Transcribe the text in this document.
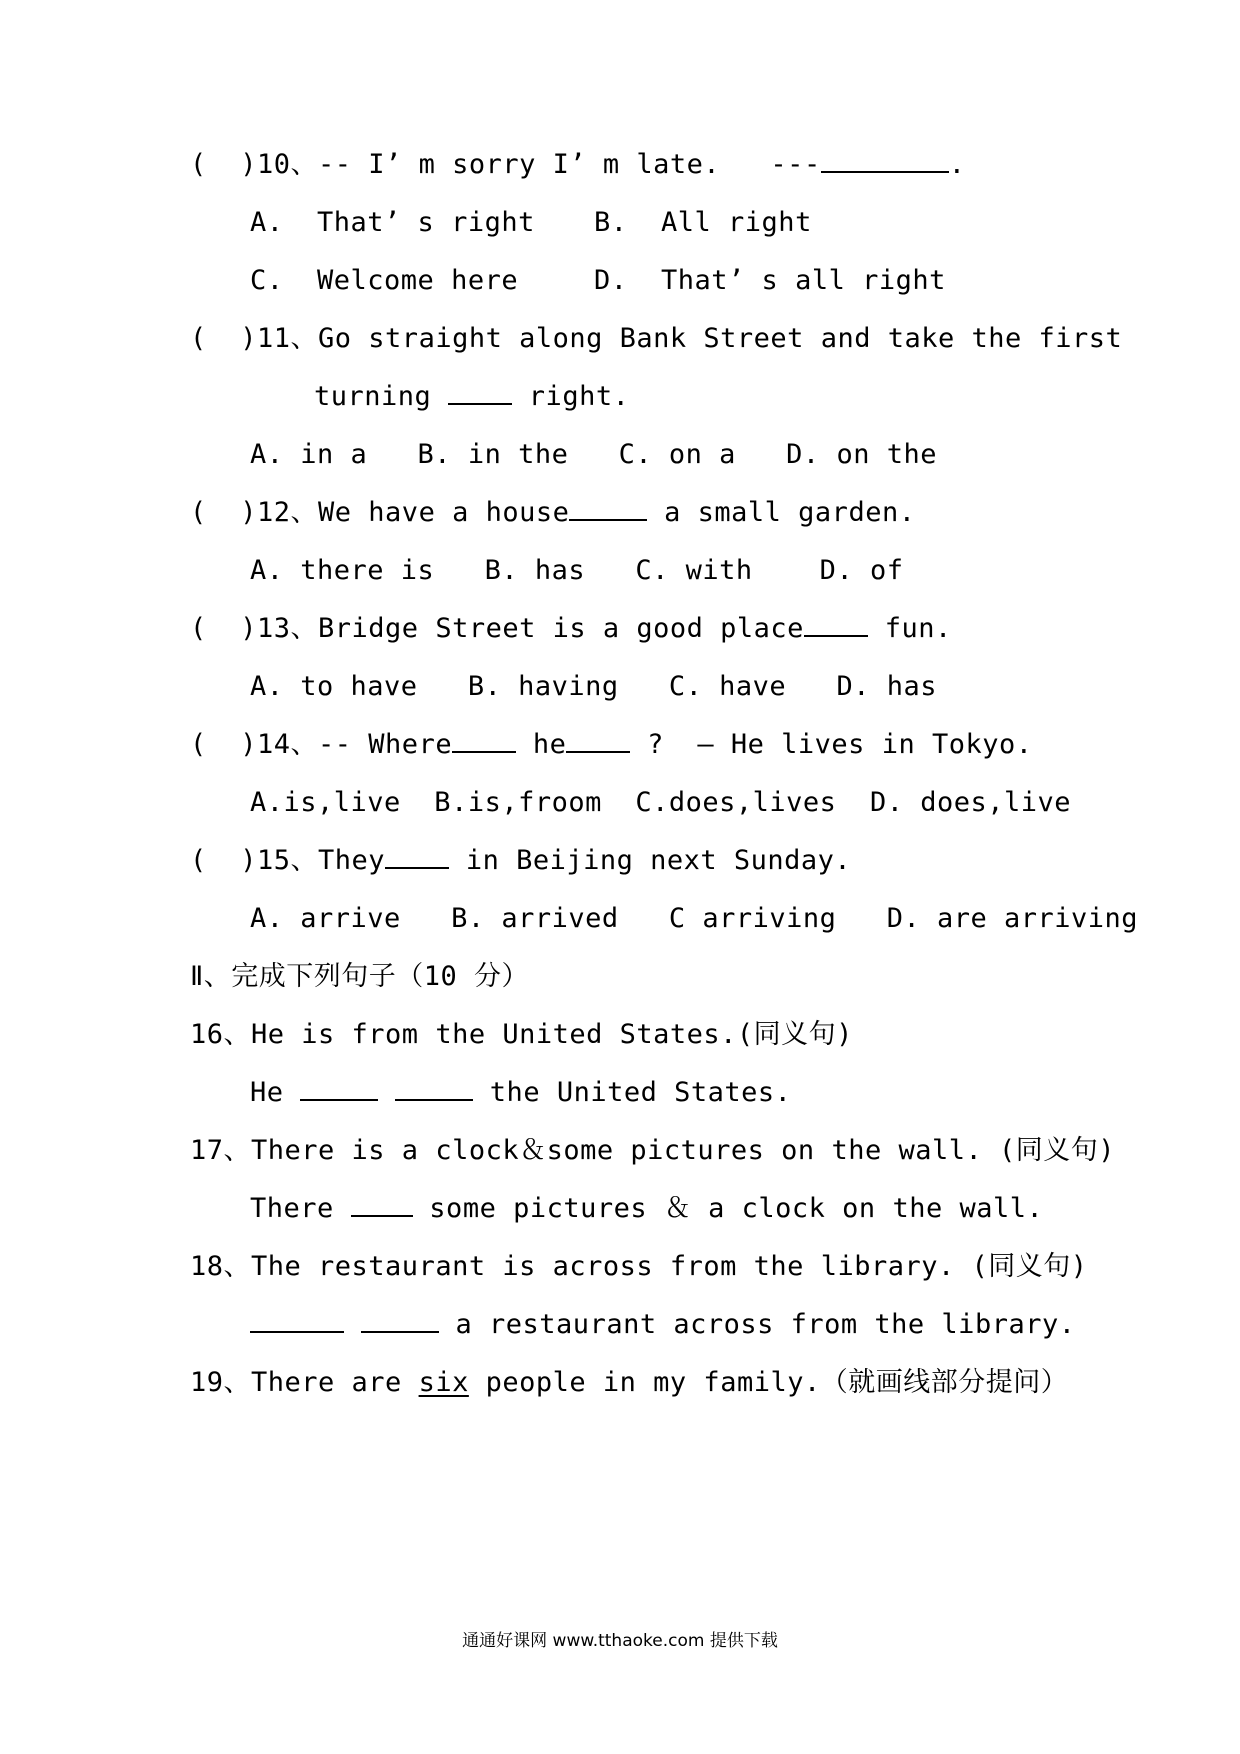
(  )10、-- I’ m sorry I’ m late.   ---	.
A.  That’ s right B.  All right
C.  Welcome here	D.  That’ s all right
(  )11、Go straight along Bank Street and take the first
turning  right.
A. in a   B. in the   C. on a   D. on the
(  )12、We have a house	a small garden.
A. there is   B. has   C. with    D. of
(  )13、Bridge Street is a good place fun.
A. to have   B. having   C. have   D. has
(  )14、-- Where he ?  – He lives in Tokyo.
A.is,live  B.is,froom  C.does,lives  D. does,live
(  )15、They in Beijing next Sunday.
A. arrive   B. arrived   C arriving   D. are arriving
Ⅱ、完成下列句子（10 分）
16、He is from the United States.(同义句)
He	the United States.
17、There is a clock＆some pictures on the wall. (同义句)
There  some pictures ＆ a clock on the wall.
18、The restaurant is across from the library. (同义句)
a restaurant across from the library.
19、There are six people in my family.（就画线部分提问）
通通好课网 www.tthaoke.com 提供下载
